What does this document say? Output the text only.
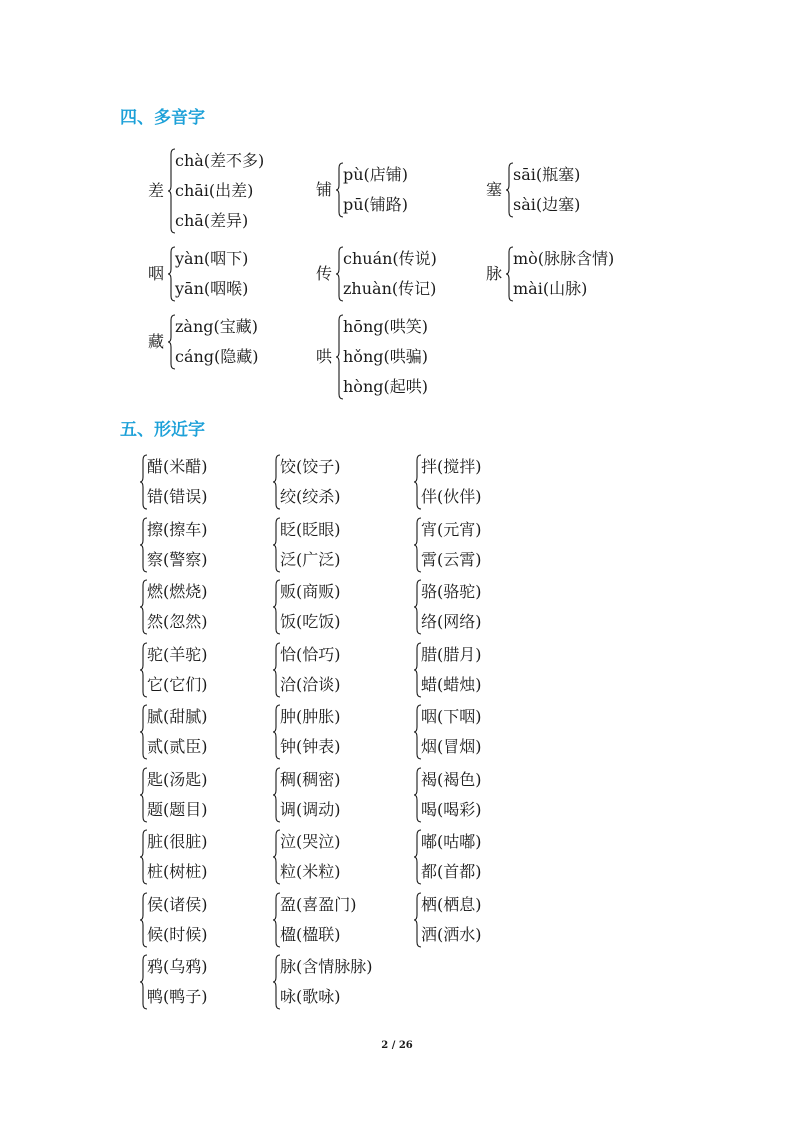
四、多音字
差
chà(差不多)
chāi(出差)
chā(差异)
铺
pù(店铺)
pū(铺路)
塞
sāi(瓶塞)
sài(边塞)
咽
yàn(咽下)
yān(咽喉)
传
chuán(传说)
zhuàn(传记)
脉
mò(脉脉含情)
mài(山脉)
藏
zàng(宝藏)
cáng(隐藏)	哄
hōng(哄笑)
hǒng(哄骗)
hòng(起哄)
五、形近字
醋(米醋)
错(错误)
饺(饺子)
绞(绞杀)
拌(搅拌)
伴(伙伴)
擦(擦车)
察(警察)
眨(眨眼)
泛(广泛)
宵(元宵)
霄(云霄)
燃(燃烧)
然(忽然)
贩(商贩)
饭(吃饭)
骆(骆驼)
络(网络)
驼(羊驼)
它(它们)
恰(恰巧)
洽(洽谈)
腊(腊月)
蜡(蜡烛)
腻(甜腻)
贰(贰臣)
肿(肿胀)
钟(钟表)
咽(下咽)
烟(冒烟)
匙(汤匙)
题(题目)
稠(稠密)
调(调动)
褐(褐色)
喝(喝彩)
脏(很脏)
桩(树桩)
泣(哭泣)
粒(米粒)
嘟(咕嘟)
都(首都)
侯(诸侯)
候(时候)
盈(喜盈门)
楹(楹联)
栖(栖息)
洒(洒水)
鸦(乌鸦)
鸭(鸭子)
脉(含情脉脉)
咏(歌咏)
2 / 26
